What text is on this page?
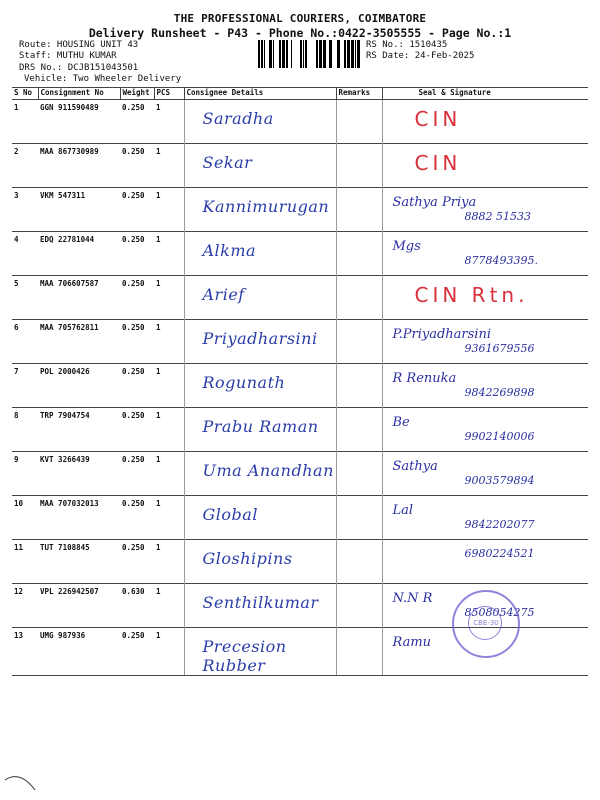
THE PROFESSIONAL COURIERS, COIMBATORE
Delivery Runsheet - P43 - Phone No.:0422-3505555 - Page No.:1
Route: HOUSING UNIT 43
Staff: MUTHU KUMAR
DRS No.: DCJB151043501
Vehicle: Two Wheeler Delivery
RS No.: 1510435
RS Date: 24-Feb-2025
S No	Consignment No	Weight	PCS	Consignee Details	Remarks	Seal & Signature
1	GGN 911590489	0.250	1	Saradha		CIN

2	MAA 867730989	0.250	1	Sekar		CIN

3	VKM 547311	0.250	1	Kannimurugan		Sathya Priya
8882 51533

4	EDQ 22781044	0.250	1	Alkma		Mgs
8778493395.

5	MAA 706607587	0.250	1	Arief		CIN Rtn.

6	MAA 705762811	0.250	1	Priyadharsini		P.Priyadharsini
9361679556

7	POL 2000426	0.250	1	Rogunath		R Renuka
9842269898

8	TRP 7904754	0.250	1	Prabu Raman		Be
9902140006

9	KVT 3266439	0.250	1	Uma Anandhan		Sathya
9003579894

10	MAA 707032013	0.250	1	Global		Lal
9842202077

11	TUT 7108845	0.250	1	Gloshipins		6980224521

12	VPL 226942507	0.630	1	Senthilkumar		N.N R
8508054275

13	UMG 987936	0.250	1	Precesion Rubber		Ramu
CBE-30
